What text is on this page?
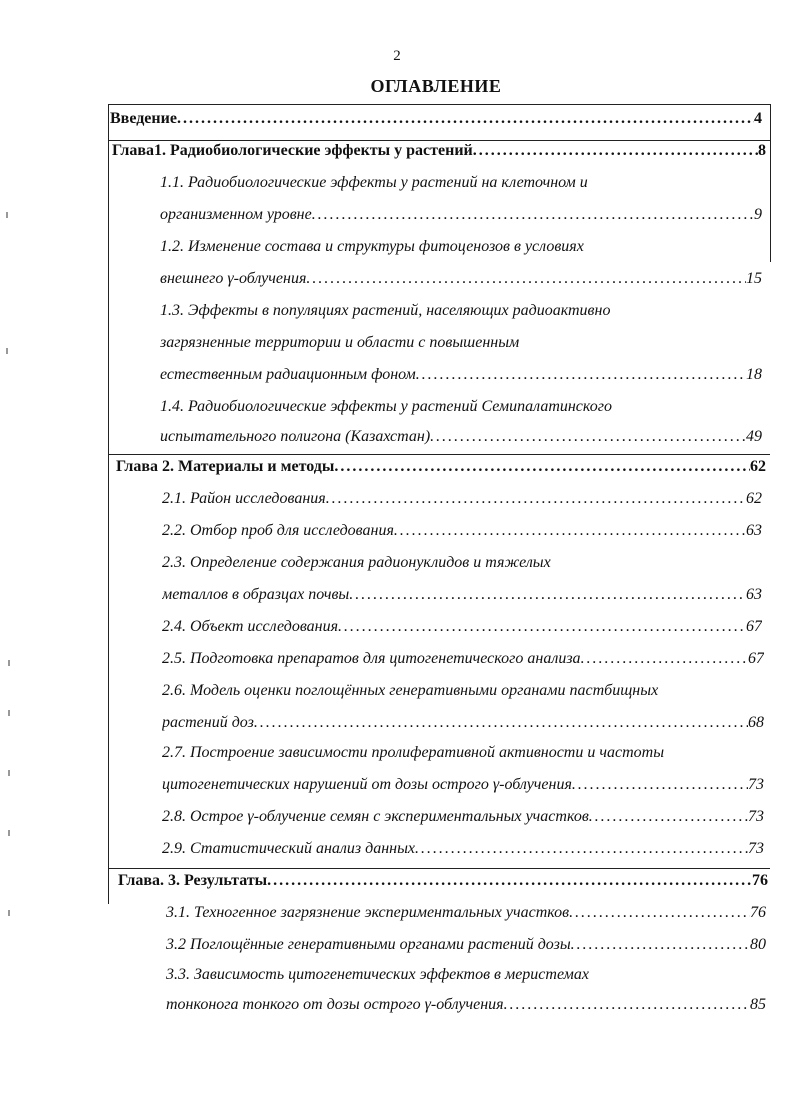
2
ОГЛАВЛЕНИЕ
Введение . . .	4
Глава1. Радиобиологические эффекты у растений . . .	8
1.1. Радиобиологические эффекты у растений на клеточном и
организменном уровне . . .	9
1.2. Изменение состава и структуры фитоценозов в условиях
внешнего γ-облучения . . .	15
1.3. Эффекты в популяциях растений, населяющих радиоактивно
загрязненные территории и области с повышенным
естественным радиационным фоном . . .	18
1.4. Радиобиологические эффекты у растений Семипалатинского
испытательного полигона (Казахстан) . . .	49
Глава 2. Материалы и методы . . .	62
2.1. Район исследования . . .	62
2.2. Отбор проб для исследования . . .	63
2.3. Определение содержания радионуклидов и тяжелых
металлов в образцах почвы . . .	63
2.4. Объект исследования . . .	67
2.5. Подготовка препаратов для цитогенетического анализа . . .	67
2.6. Модель оценки поглощённых генеративными органами пастбищных
растений доз . . .	68
2.7. Построение зависимости пролиферативной активности и частоты
цитогенетических нарушений от дозы острого γ-облучения . . .	73
2.8. Острое γ-облучение семян с экспериментальных участков . . .	73
2.9. Статистический анализ данных . . .	73
Глава. 3. Результаты . . .	76
3.1. Техногенное загрязнение экспериментальных участков . . .	76
3.2 Поглощённые генеративными органами растений дозы . . .	80
3.3. Зависимость цитогенетических эффектов в меристемах
тонконога тонкого от дозы острого γ-облучения . . .	85
